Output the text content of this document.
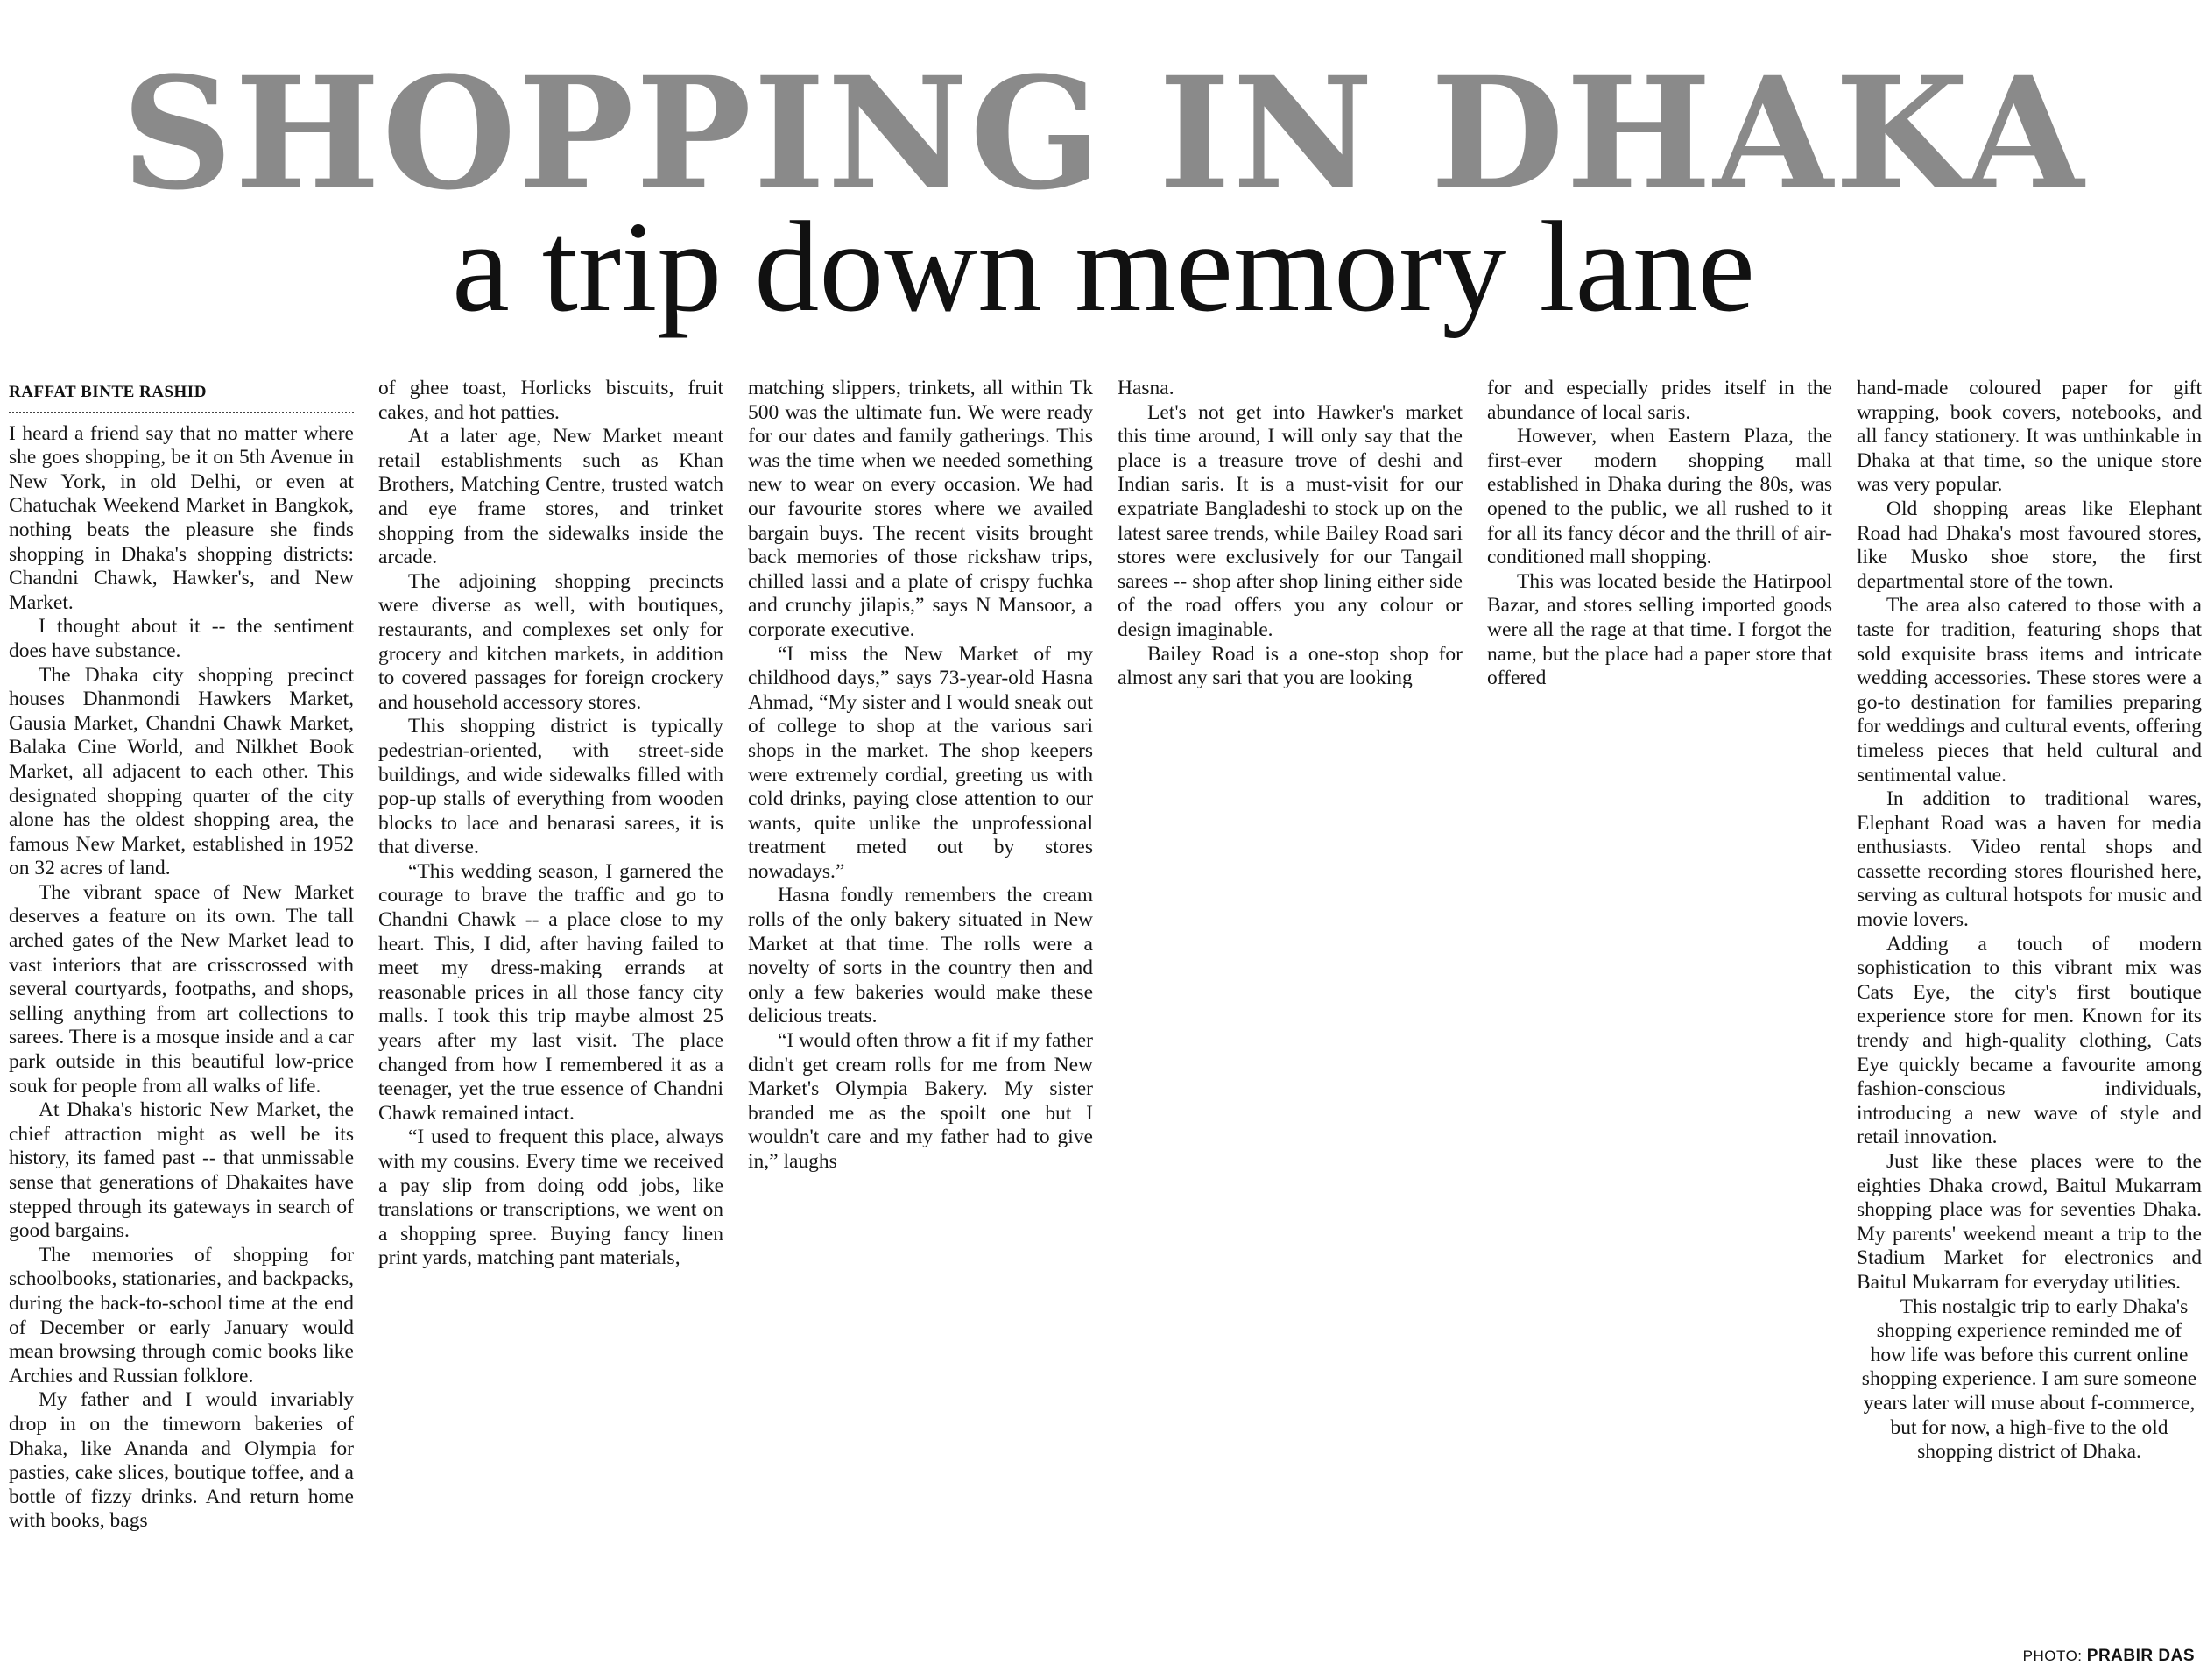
SHOPPING IN DHAKA
a trip down memory lane
RAFFAT BINTE RASHID

I heard a friend say that no matter where she goes shopping, be it on 5th Avenue in New York, in old Delhi, or even at Chatuchak Weekend Market in Bangkok, nothing beats the pleasure she finds shopping in Dhaka's shopping districts: Chandni Chawk, Hawker's, and New Market.

I thought about it -- the sentiment does have substance.

The Dhaka city shopping precinct houses Dhanmondi Hawkers Market, Gausia Market, Chandni Chawk Market, Balaka Cine World, and Nilkhet Book Market, all adjacent to each other. This designated shopping quarter of the city alone has the oldest shopping area, the famous New Market, established in 1952 on 32 acres of land.

The vibrant space of New Market deserves a feature on its own. The tall arched gates of the New Market lead to vast interiors that are crisscrossed with several courtyards, footpaths, and shops, selling anything from art collections to sarees. There is a mosque inside and a car park outside in this beautiful low-price souk for people from all walks of life.

At Dhaka's historic New Market, the chief attraction might as well be its history, its famed past -- that unmissable sense that generations of Dhakaites have stepped through its gateways in search of good bargains.

The memories of shopping for schoolbooks, stationaries, and backpacks, during the back-to-school time at the end of December or early January would mean browsing through comic books like Archies and Russian folklore.

My father and I would invariably drop in on the timeworn bakeries of Dhaka, like Ananda and Olympia for pasties, cake slices, boutique toffee, and a bottle of fizzy drinks. And return home with books, bags

of ghee toast, Horlicks biscuits, fruit cakes, and hot patties.

At a later age, New Market meant retail establishments such as Khan Brothers, Matching Centre, trusted watch and eye frame stores, and trinket shopping from the sidewalks inside the arcade.

The adjoining shopping precincts were diverse as well, with boutiques, restaurants, and complexes set only for grocery and kitchen markets, in addition to covered passages for foreign crockery and household accessory stores.

This shopping district is typically pedestrian-oriented, with street-side buildings, and wide sidewalks filled with pop-up stalls of everything from wooden blocks to lace and benarasi sarees, it is that diverse.

“This wedding season, I garnered the courage to brave the traffic and go to Chandni Chawk -- a place close to my heart. This, I did, after having failed to meet my dress-making errands at reasonable prices in all those fancy city malls. I took this trip maybe almost 25 years after my last visit. The place changed from how I remembered it as a teenager, yet the true essence of Chandni Chawk remained intact.

“I used to frequent this place, always with my cousins. Every time we received a pay slip from doing odd jobs, like translations or transcriptions, we went on a shopping spree. Buying fancy linen print yards, matching pant materials,

matching slippers, trinkets, all within Tk 500 was the ultimate fun. We were ready for our dates and family gatherings. This was the time when we needed something new to wear on every occasion. We had our favourite stores where we availed bargain buys. The recent visits brought back memories of those rickshaw trips, chilled lassi and a plate of crispy fuchka and crunchy jilapis,” says N Mansoor, a corporate executive.

“I miss the New Market of my childhood days,” says 73-year-old Hasna Ahmad, “My sister and I would sneak out of college to shop at the various sari shops in the market. The shop keepers were extremely cordial, greeting us with cold drinks, paying close attention to our wants, quite unlike the unprofessional treatment meted out by stores nowadays.”

Hasna fondly remembers the cream rolls of the only bakery situated in New Market at that time. The rolls were a novelty of sorts in the country then and only a few bakeries would make these delicious treats.

“I would often throw a fit if my father didn't get cream rolls for me from New Market's Olympia Bakery. My sister branded me as the spoilt one but I wouldn't care and my father had to give in,” laughs

Hasna.

Let's not get into Hawker's market this time around, I will only say that the place is a treasure trove of deshi and Indian saris. It is a must-visit for our expatriate Bangladeshi to stock up on the latest saree trends, while Bailey Road sari stores were exclusively for our Tangail sarees -- shop after shop lining either side of the road offers you any colour or design imaginable.

Bailey Road is a one-stop shop for almost any sari that you are looking

for and especially prides itself in the abundance of local saris.

However, when Eastern Plaza, the first-ever modern shopping mall established in Dhaka during the 80s, was opened to the public, we all rushed to it for all its fancy décor and the thrill of air-conditioned mall shopping.

This was located beside the Hatirpool Bazar, and stores selling imported goods were all the rage at that time. I forgot the name, but the place had a paper store that offered

hand-made coloured paper for gift wrapping, book covers, notebooks, and all fancy stationery. It was unthinkable in Dhaka at that time, so the unique store was very popular.

Old shopping areas like Elephant Road had Dhaka's most favoured stores, like Musko shoe store, the first departmental store of the town.

The area also catered to those with a taste for tradition, featuring shops that sold exquisite brass items and intricate wedding accessories. These stores were a go-to destination for families preparing for weddings and cultural events, offering timeless pieces that held cultural and sentimental value.

In addition to traditional wares, Elephant Road was a haven for media enthusiasts. Video rental shops and cassette recording stores flourished here, serving as cultural hotspots for music and movie lovers.

Adding a touch of modern sophistication to this vibrant mix was Cats Eye, the city's first boutique experience store for men. Known for its trendy and high-quality clothing, Cats Eye quickly became a favourite among fashion-conscious individuals, introducing a new wave of style and retail innovation.

Just like these places were to the eighties Dhaka crowd, Baitul Mukarram shopping place was for seventies Dhaka. My parents' weekend meant a trip to the Stadium Market for electronics and Baitul Mukarram for everyday utilities.

This nostalgic trip to early Dhaka's shopping experience reminded me of how life was before this current online shopping experience. I am sure someone years later will muse about f-commerce, but for now, a high-five to the old shopping district of Dhaka.

PHOTO: PRABIR DAS
